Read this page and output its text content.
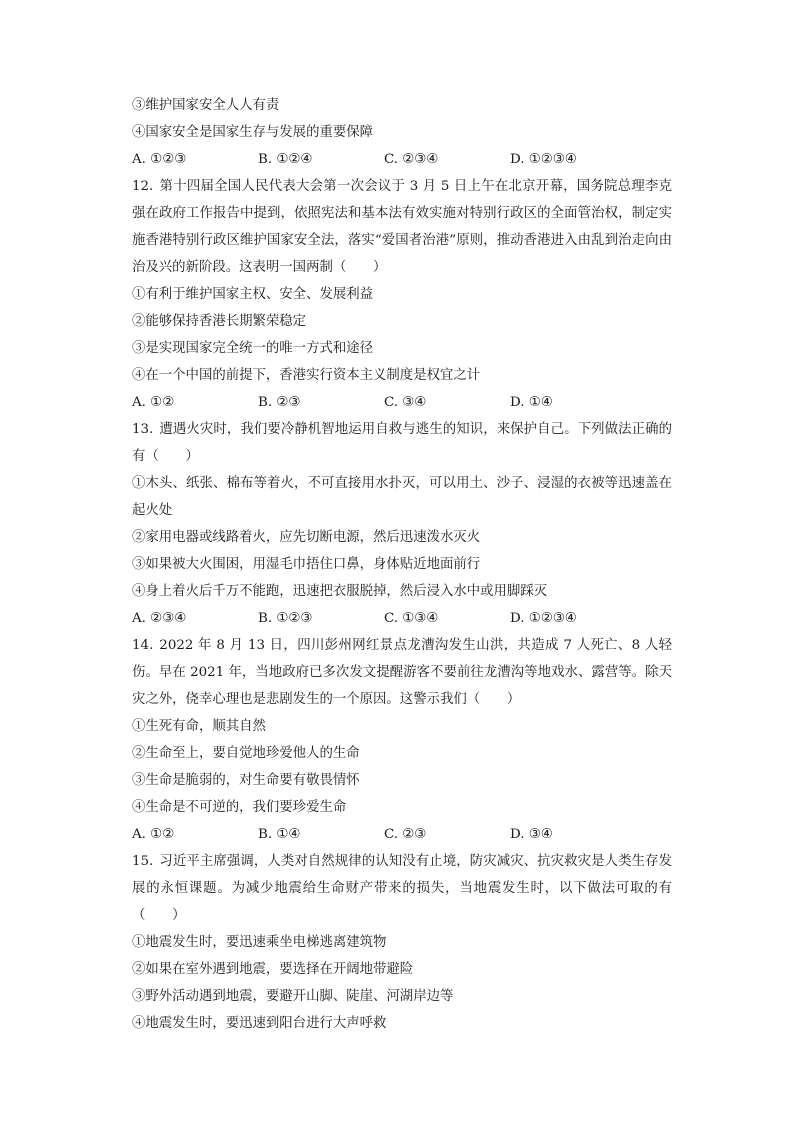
③维护国家安全人人有责
④国家安全是国家生存与发展的重要保障
A. ①②③	B. ①②④	C. ②③④	D. ①②③④
12. 第十四届全国人民代表大会第一次会议于 3 月 5 日上午在北京开幕，国务院总理李克强在政府工作报告中提到，依照宪法和基本法有效实施对特别行政区的全面管治权，制定实施香港特别行政区维护国家安全法，落实“爱国者治港”原则，推动香港进入由乱到治走向由治及兴的新阶段。这表明一国两制（　　）
①有利于维护国家主权、安全、发展利益
②能够保持香港长期繁荣稳定
③是实现国家完全统一的唯一方式和途径
④在一个中国的前提下，香港实行资本主义制度是权宜之计
A. ①②	B. ②③	C. ③④	D. ①④
13. 遭遇火灾时，我们要冷静机智地运用自救与逃生的知识，来保护自己。下列做法正确的有（　　）
①木头、纸张、棉布等着火，不可直接用水扑灭，可以用土、沙子、浸湿的衣被等迅速盖在起火处
②家用电器或线路着火，应先切断电源，然后迅速泼水灭火
③如果被大火围困，用湿毛巾捂住口鼻，身体贴近地面前行
④身上着火后千万不能跑，迅速把衣服脱掉，然后浸入水中或用脚踩灭
A. ②③④	B. ①②③	C. ①③④	D. ①②③④
14. 2022 年 8 月 13 日，四川彭州网红景点龙漕沟发生山洪，共造成 7 人死亡、8 人轻伤。早在 2021 年，当地政府已多次发文提醒游客不要前往龙漕沟等地戏水、露营等。除天灾之外，侥幸心理也是悲剧发生的一个原因。这警示我们（　　）
①生死有命，顺其自然
②生命至上，要自觉地珍爱他人的生命
③生命是脆弱的，对生命要有敬畏情怀
④生命是不可逆的，我们要珍爱生命
A. ①②	B. ①④	C. ②③	D. ③④
15. 习近平主席强调，人类对自然规律的认知没有止境，防灾减灾、抗灾救灾是人类生存发展的永恒课题。为减少地震给生命财产带来的损失，当地震发生时，以下做法可取的有（　　）
①地震发生时，要迅速乘坐电梯逃离建筑物
②如果在室外遇到地震，要选择在开阔地带避险
③野外活动遇到地震，要避开山脚、陡崖、河湖岸边等
④地震发生时，要迅速到阳台进行大声呼救
